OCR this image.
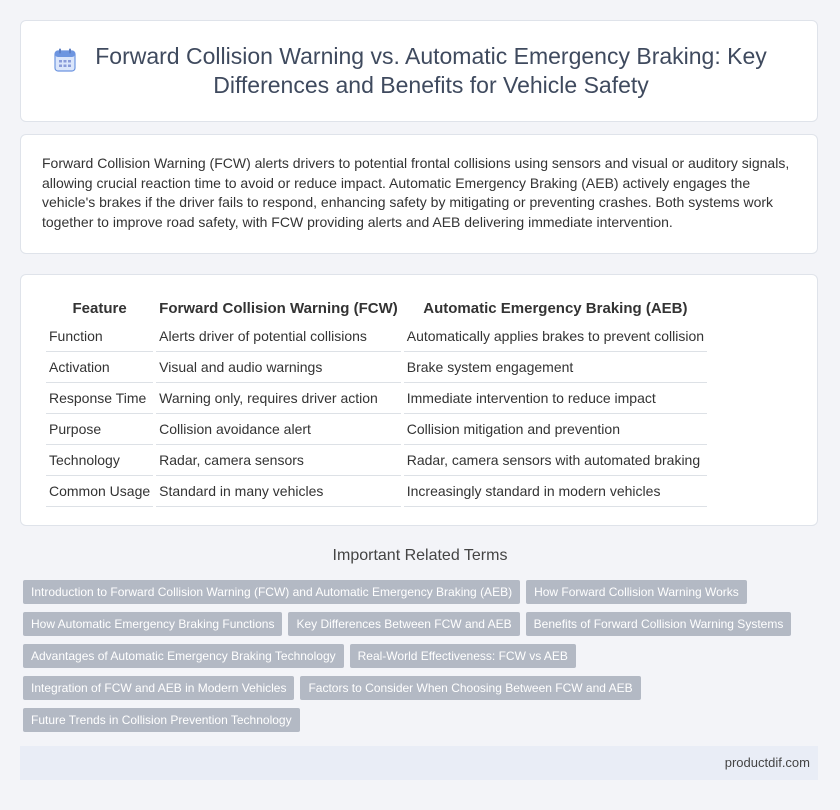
Forward Collision Warning vs. Automatic Emergency Braking: Key Differences and Benefits for Vehicle Safety

Forward Collision Warning (FCW) alerts drivers to potential frontal collisions using sensors and visual or auditory signals, allowing crucial reaction time to avoid or reduce impact. Automatic Emergency Braking (AEB) actively engages the vehicle's brakes if the driver fails to respond, enhancing safety by mitigating or preventing crashes. Both systems work together to improve road safety, with FCW providing alerts and AEB delivering immediate intervention.

Feature	Forward Collision Warning (FCW)	Automatic Emergency Braking (AEB)
Function	Alerts driver of potential collisions	Automatically applies brakes to prevent collision
Activation	Visual and audio warnings	Brake system engagement
Response Time	Warning only, requires driver action	Immediate intervention to reduce impact
Purpose	Collision avoidance alert	Collision mitigation and prevention
Technology	Radar, camera sensors	Radar, camera sensors with automated braking
Common Usage	Standard in many vehicles	Increasingly standard in modern vehicles
Important Related Terms
Introduction to Forward Collision Warning (FCW) and Automatic Emergency Braking (AEB)	How Forward Collision Warning Works
How Automatic Emergency Braking Functions	Key Differences Between FCW and AEB	Benefits of Forward Collision Warning Systems
Advantages of Automatic Emergency Braking Technology	Real-World Effectiveness: FCW vs AEB
Integration of FCW and AEB in Modern Vehicles	Factors to Consider When Choosing Between FCW and AEB
Future Trends in Collision Prevention Technology
productdif.com
